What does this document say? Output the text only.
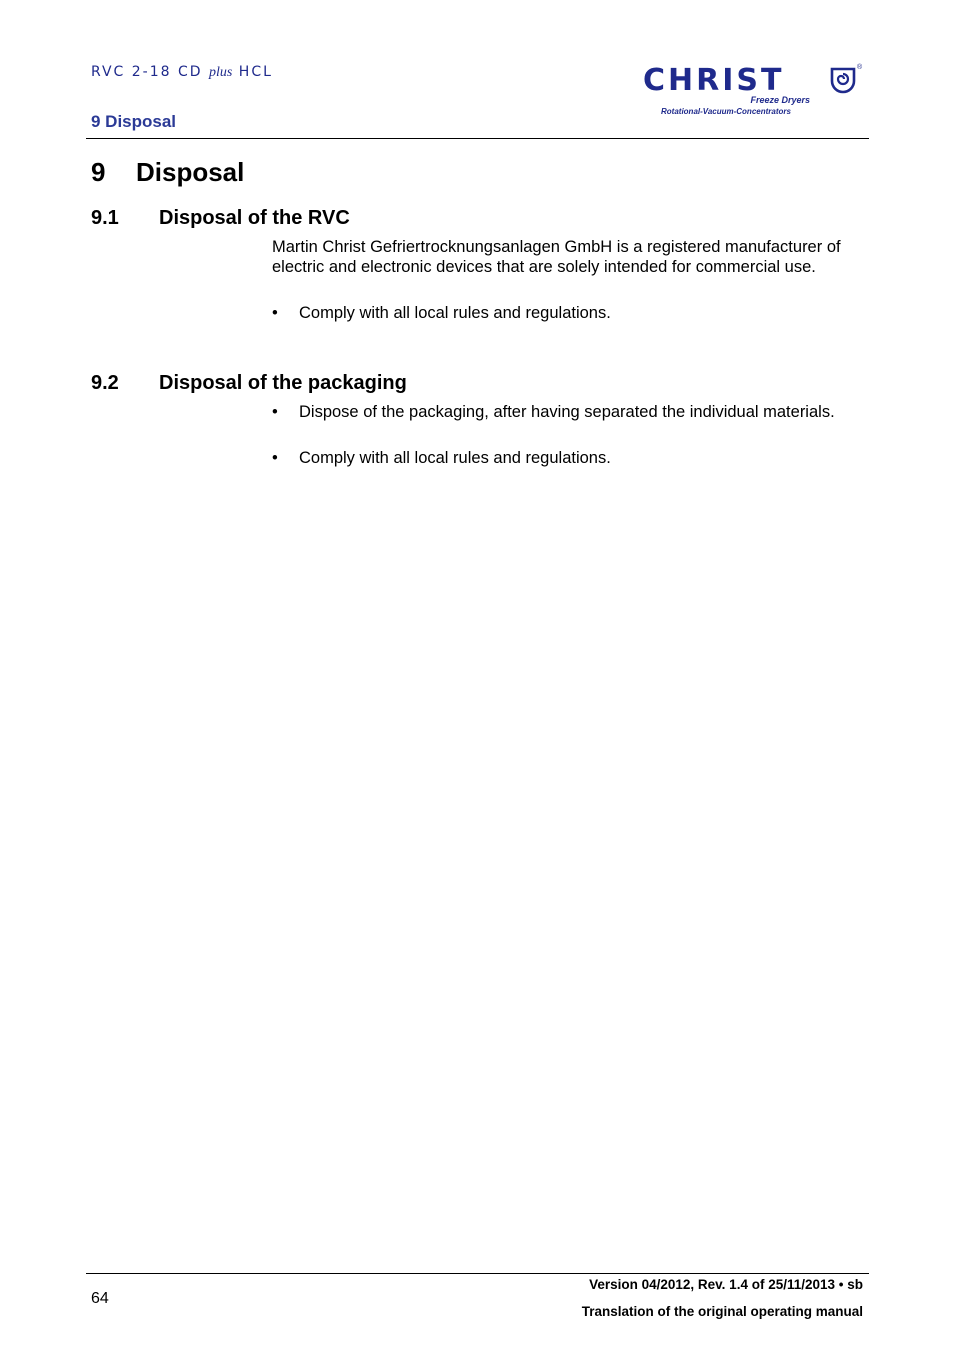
RVC 2-18 CD plus HCL
9 Disposal
CHRIST	®
Freeze Dryers
Rotational-Vacuum-Concentrators
9 Disposal
9.1 Disposal of the RVC
Martin Christ Gefriertrocknungsanlagen GmbH is a registered manufacturer of electric and electronic devices that are solely intended for commercial use.
•	Comply with all local rules and regulations.
9.2 Disposal of the packaging
•	Dispose of the packaging, after having separated the individual materials.
•	Comply with all local rules and regulations.
64
Version 04/2012, Rev. 1.4 of 25/11/2013 • sb
Translation of the original operating manual
